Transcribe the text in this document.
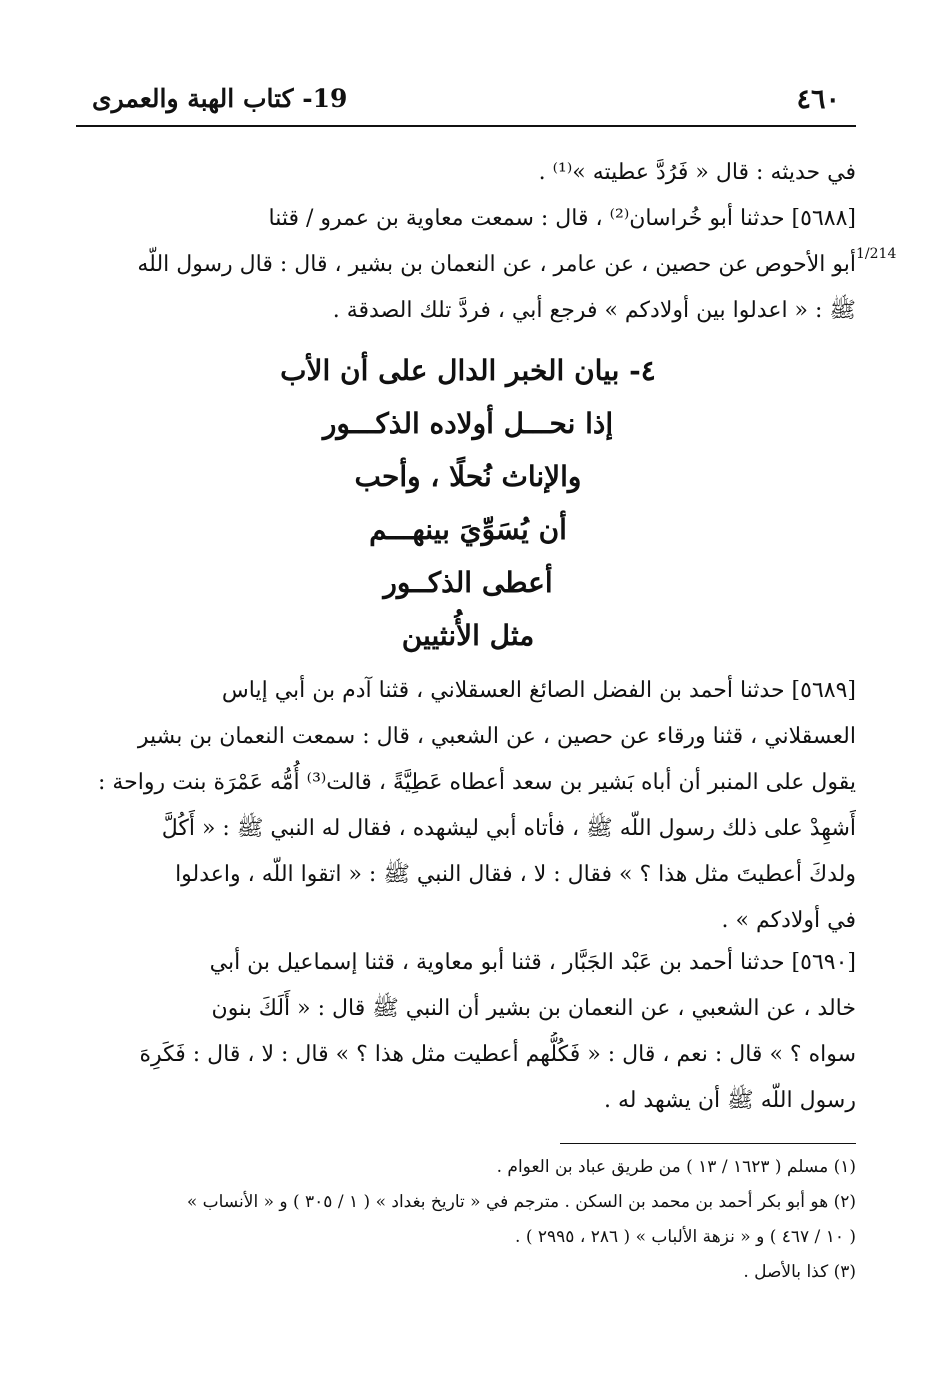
٤٦٠
19- كتاب الهبة والعمرى
في حديثه : قال « فَرُدَّ عطيته »⁽¹⁾ .
[٥٦٨٨] حدثنا أبو خُراسان⁽²⁾ ، قال : سمعت معاوية بن عمرو / قثنا
أبو الأحوص عن حصين ، عن عامر ، عن النعمان بن بشير ، قال : قال رسول اللّه
ﷺ : « اعدلوا بين أولادكم » فرجع أبي ، فردَّ تلك الصدقة .
1/214
٤- بيان الخبر الدال على أن الأب
إذا نحـــل أولاده الذكـــور
والإناث نُحلًا ، وأحب
أن يُسَوِّيَ بينهـــم
أعطى الذكــور
مثل الأُنثيين
[٥٦٨٩] حدثنا أحمد بن الفضل الصائغ العسقلاني ، قثنا آدم بن أبي إياس
العسقلاني ، قثنا ورقاء عن حصين ، عن الشعبي ، قال : سمعت النعمان بن بشير
يقول على المنبر أن أباه بَشير بن سعد أعطاه عَطِيَّةً ، قالت⁽³⁾ أُمُّه عَمْرَة بنت رواحة :
أَشهِدْ على ذلك رسول اللّه ﷺ ، فأتاه أبي ليشهده ، فقال له النبي ﷺ : « أَكُلَّ
ولدكَ أعطيتَ مثل هذا ؟ » فقال : لا ، فقال النبي ﷺ : « اتقوا اللّه ، واعدلوا
في أولادكم » .
[٥٦٩٠] حدثنا أحمد بن عَبْد الجَبَّار ، قثنا أبو معاوية ، قثنا إسماعيل بن أبي
خالد ، عن الشعبي ، عن النعمان بن بشير أن النبي ﷺ قال : « أَلَكَ بنون
سواه ؟ » قال : نعم ، قال : « فَكُلُّهم أعطيت مثل هذا ؟ » قال : لا ، قال : فَكَرِهَ
رسول اللّه ﷺ أن يشهد له .
(١) مسلم ( ١٦٢٣ / ١٣ ) من طريق عباد بن العوام .
(٢) هو أبو بكر أحمد بن محمد بن السكن . مترجم في « تاريخ بغداد » ( ١ / ٣٠٥ ) و « الأنساب »
( ١٠ / ٤٦٧ ) و « نزهة الألباب » ( ٢٨٦ ، ٢٩٩٥ ) .
(٣) كذا بالأصل .
